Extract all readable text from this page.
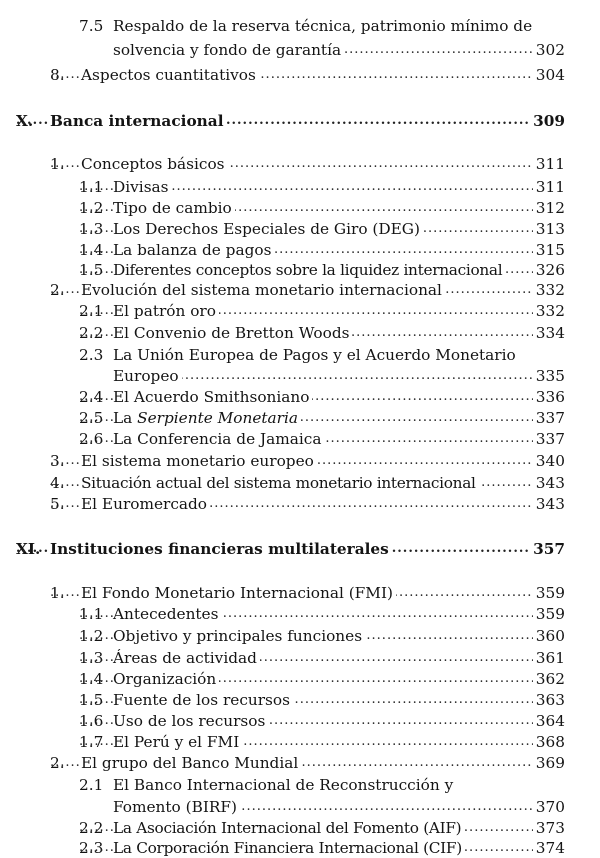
7.5 Respaldo de la reserva técnica, patrimonio mínimo de
solvencia y fondo de garantía .....	302
8. Aspectos cuantitativos .....	304
X. Banca internacional .....	309
1. Conceptos básicos .....	311
1.1 Divisas .....	311
1.2 Tipo de cambio .....	312
1.3 Los Derechos Especiales de Giro (DEG) .....	313
1.4 La balanza de pagos .....	315
1.5 Diferentes conceptos sobre la liquidez internacional ..... 326
2. Evolución del sistema monetario internacional .....	332
2.1 El patrón oro .....	332
2.2 El Convenio de Bretton Woods .....	334
2.3 La Unión Europea de Pagos y el Acuerdo Monetario
Europeo .....	335
2.4 El Acuerdo Smithsoniano .....	336
2.5 La Serpiente Monetaria .....	337
2.6 La Conferencia de Jamaica .....	337
3. El sistema monetario europeo .....	340
4. Situación actual del sistema monetario internacional .....	343
5. El Euromercado .....	343
XI. Instituciones financieras multilaterales .....	357
1. El Fondo Monetario Internacional (FMI) .....	359
1.1 Antecedentes .....	359
1.2 Objetivo y principales funciones .....	360
1.3 Áreas de actividad .....	361
1.4 Organización .....	362
1.5 Fuente de los recursos .....	363
1.6 Uso de los recursos .....	364
1.7 El Perú y el FMI .....	368
2. El grupo del Banco Mundial .....	369
2.1 El Banco Internacional de Reconstrucción y
Fomento (BIRF) .....	370
2.2 La Asociación Internacional del Fomento (AIF) .....	373
2.3 La Corporación Financiera Internacional (CIF) .....	374
